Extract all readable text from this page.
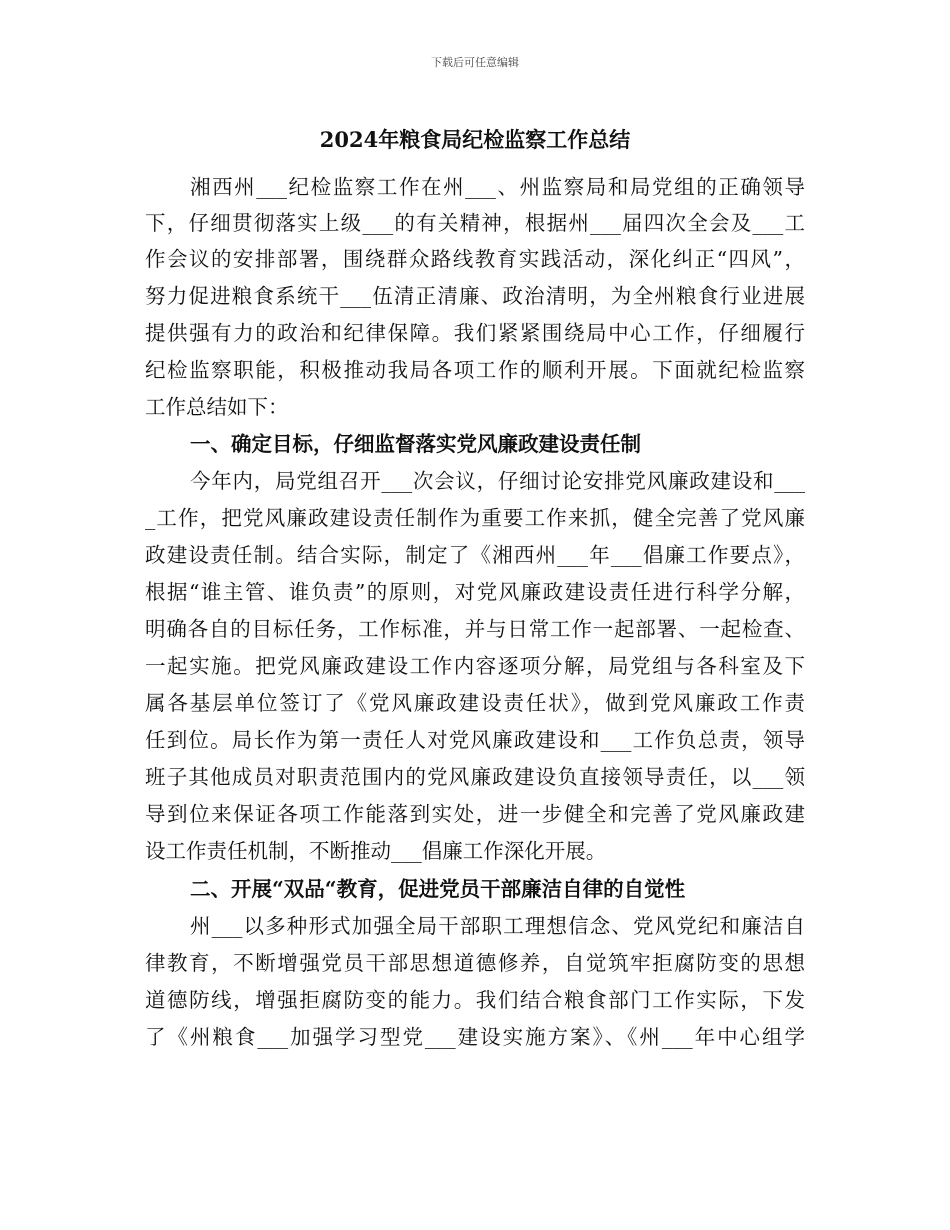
下载后可任意编辑
2024年粮食局纪检监察工作总结
湘西州___纪检监察工作在州___、州监察局和局党组的正确领导
下，仔细贯彻落实上级___的有关精神，根据州___届四次全会及___工
作会议的安排部署，围绕群众路线教育实践活动，深化纠正“四风”，
努力促进粮食系统干___伍清正清廉、政治清明，为全州粮食行业进展
提供强有力的政治和纪律保障。我们紧紧围绕局中心工作，仔细履行
纪检监察职能，积极推动我局各项工作的顺利开展。下面就纪检监察
工作总结如下：
一、确定目标，仔细监督落实党风廉政建设责任制
今年内，局党组召开___次会议，仔细讨论安排党风廉政建设和___
_工作，把党风廉政建设责任制作为重要工作来抓，健全完善了党风廉
政建设责任制。结合实际，制定了《湘西州___年___倡廉工作要点》，
根据“谁主管、谁负责”的原则，对党风廉政建设责任进行科学分解，
明确各自的目标任务，工作标准，并与日常工作一起部署、一起检查、
一起实施。把党风廉政建设工作内容逐项分解，局党组与各科室及下
属各基层单位签订了《党风廉政建设责任状》，做到党风廉政工作责
任到位。局长作为第一责任人对党风廉政建设和___工作负总责，领导
班子其他成员对职责范围内的党风廉政建设负直接领导责任，以___领
导到位来保证各项工作能落到实处，进一步健全和完善了党风廉政建
设工作责任机制，不断推动___倡廉工作深化开展。
二、开展“双品“教育，促进党员干部廉洁自律的自觉性
州___以多种形式加强全局干部职工理想信念、党风党纪和廉洁自
律教育，不断增强党员干部思想道德修养，自觉筑牢拒腐防变的思想
道德防线，增强拒腐防变的能力。我们结合粮食部门工作实际，下发
了《州粮食___加强学习型党___建设实施方案》、《州___年中心组学
